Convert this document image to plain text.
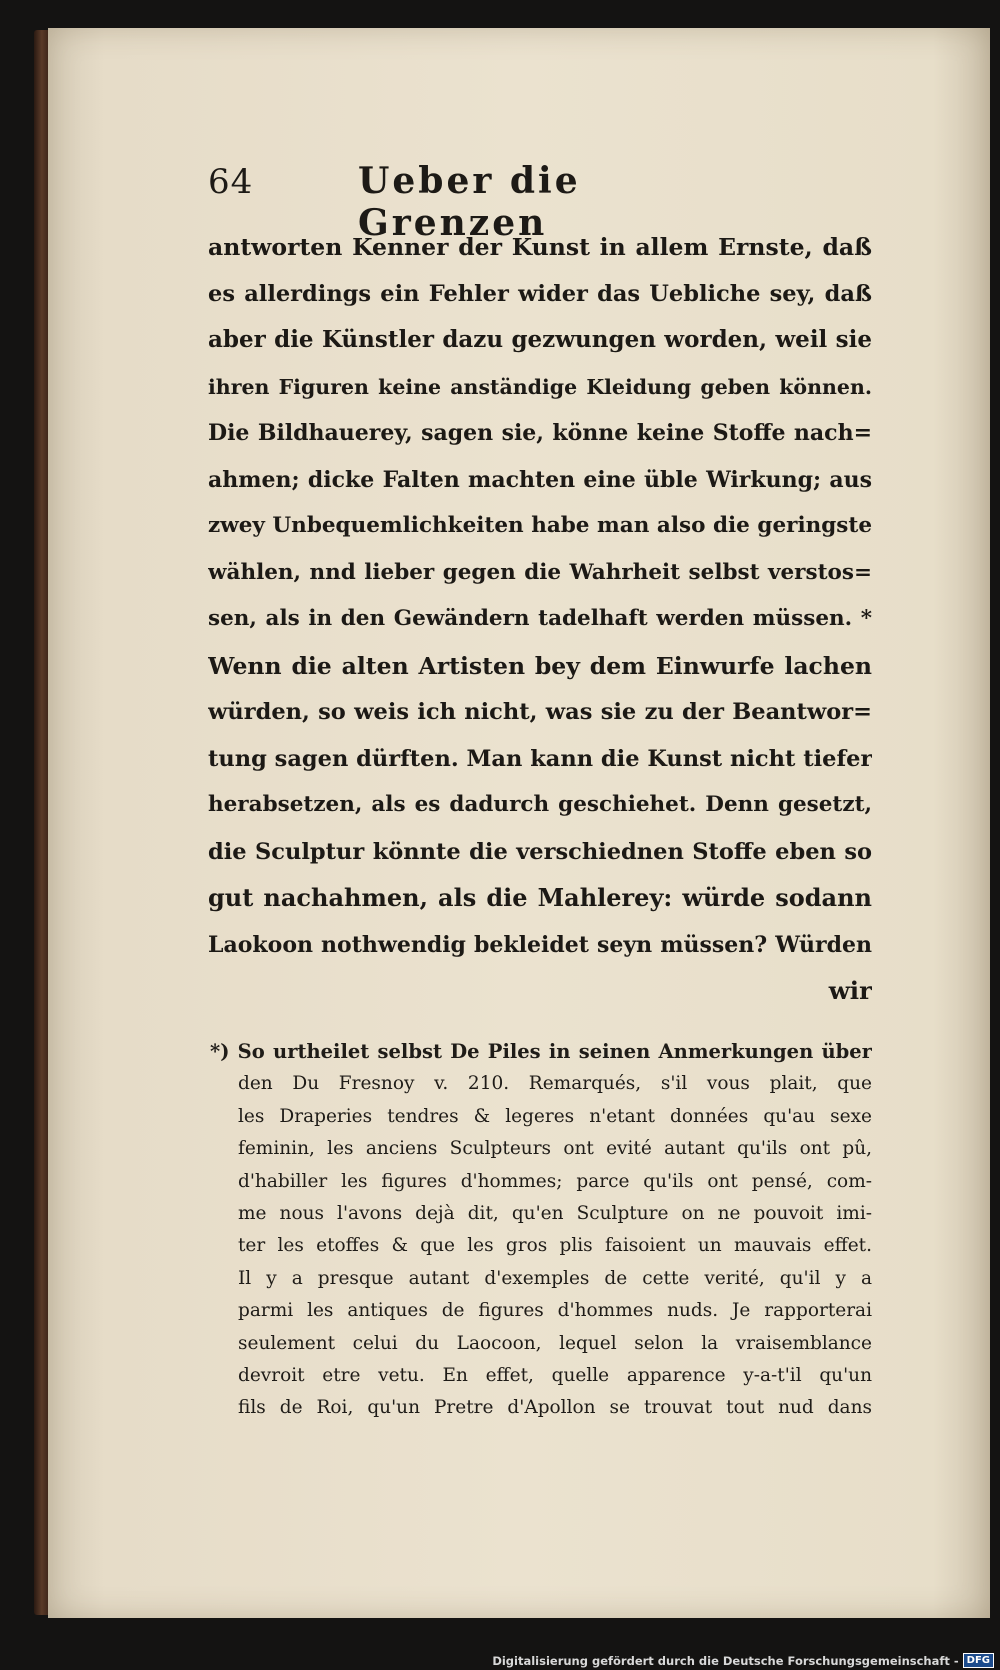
64	Ueber die Grenzen
antworten Kenner der Kunst in allem Ernste, daß
es allerdings ein Fehler wider das Uebliche sey, daß
aber die Künstler dazu gezwungen worden, weil sie
ihren Figuren keine anständige Kleidung geben können.
Die Bildhauerey, sagen sie, könne keine Stoffe nach=
ahmen; dicke Falten machten eine üble Wirkung; aus
zwey Unbequemlichkeiten habe man also die geringste
wählen, nnd lieber gegen die Wahrheit selbst verstos=
sen, als in den Gewändern tadelhaft werden müssen. *
Wenn die alten Artisten bey dem Einwurfe lachen
würden, so weis ich nicht, was sie zu der Beantwor=
tung sagen dürften. Man kann die Kunst nicht tiefer
herabsetzen, als es dadurch geschiehet. Denn gesetzt,
die Sculptur könnte die verschiednen Stoffe eben so
gut nachahmen, als die Mahlerey: würde sodann
Laokoon nothwendig bekleidet seyn müssen? Würden
wir
*) So urtheilet selbst De Piles in seinen Anmerkungen über
den Du Fresnoy v. 210. Remarqués, s'il vous plait, que
les Draperies tendres & legeres n'etant données qu'au sexe
feminin, les anciens Sculpteurs ont evité autant qu'ils ont pû,
d'habiller les figures d'hommes; parce qu'ils ont pensé, com-
me nous l'avons dejà dit, qu'en Sculpture on ne pouvoit imi-
ter les etoffes & que les gros plis faisoient un mauvais effet.
Il y a presque autant d'exemples de cette verité, qu'il y a
parmi les antiques de figures d'hommes nuds. Je rapporterai
seulement celui du Laocoon, lequel selon la vraisemblance
devroit etre vetu. En effet, quelle apparence y-a-t'il qu'un
fils de Roi, qu'un Pretre d'Apollon se trouvat tout nud dans
Digitalisierung gefördert durch die Deutsche Forschungsgemeinschaft - DFG
